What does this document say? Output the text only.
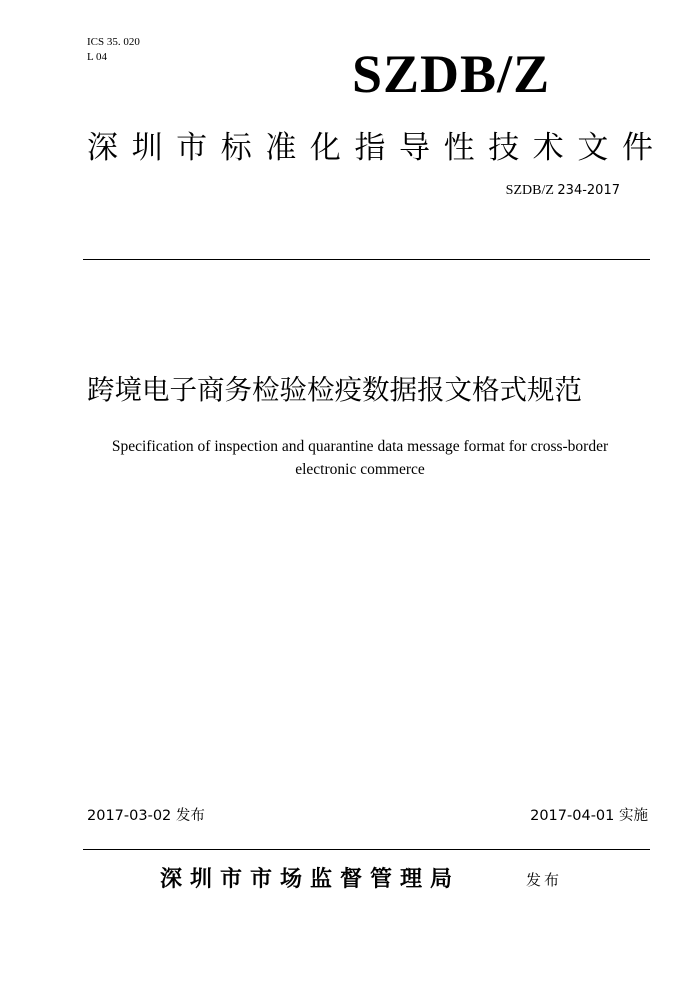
ICS 35. 020
L 04	SZDB/Z
深 圳 市 标 准 化 指 导 性 技 术 文 件
SZDB/Z 234-2017
跨境电子商务检验检疫数据报文格式规范
Specification of inspection and quarantine data message format for cross-border
electronic commerce
2017-03-02 发布	2017-04-01 实施
深圳市市场监督管理局	发布
